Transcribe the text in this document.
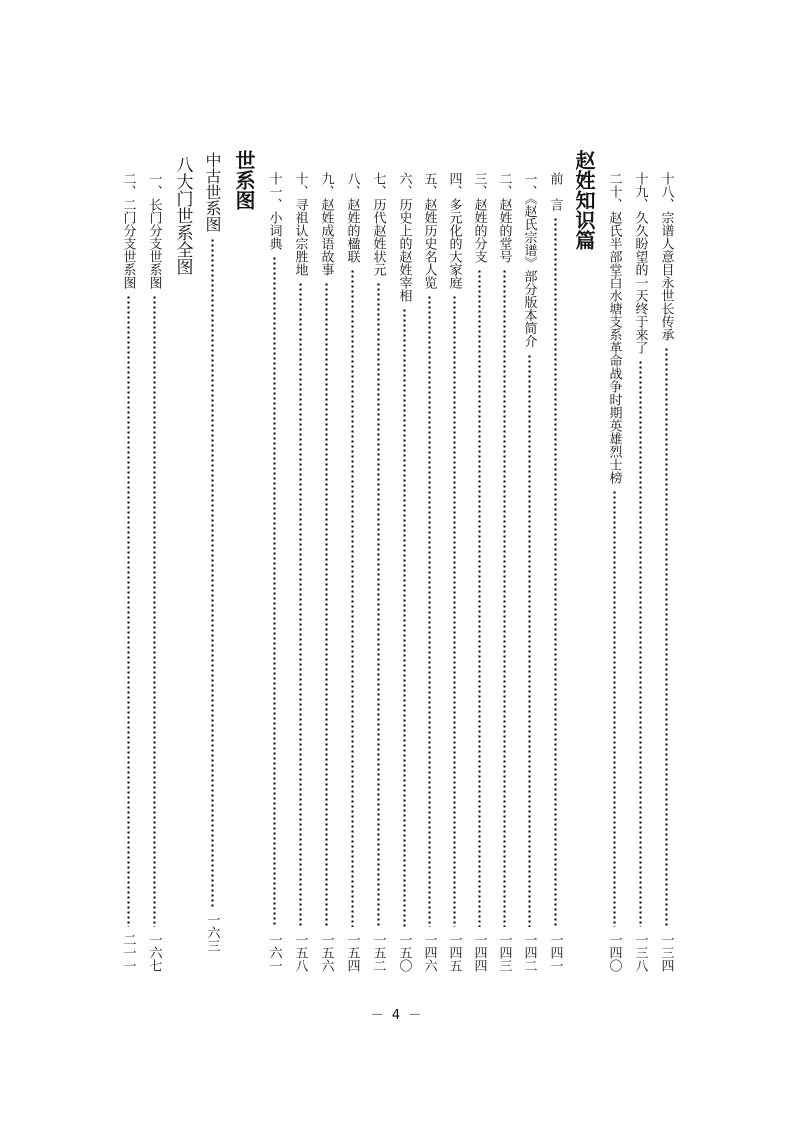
十八、宗谱人意目永世长传承
一三四
十九、久久盼望的一天终于来了
一三八
二十、赵氏半部堂白水塘支系革命战争时期英雄烈士榜
一四〇
赵姓知识篇
前　言
一四一
一、《赵氏宗谱》部分版本简介
一四二
二、赵姓的堂号
一四三
三、赵姓的分支
一四四
四、多元化的大家庭
一四五
五、赵姓历史名人览
一四六
六、历史上的赵姓宰相
一五〇
七、历代赵姓状元
一五二
八、赵姓的楹联
一五四
九、赵姓成语故事
一五六
十、寻祖认宗胜地
一五八
十一、小词典
一六一
世系图
中古世系图
一六三
八大门世系全图
一、长门分支世系图
一六七
二、二门分支世系图
二一一
－ 4 －
